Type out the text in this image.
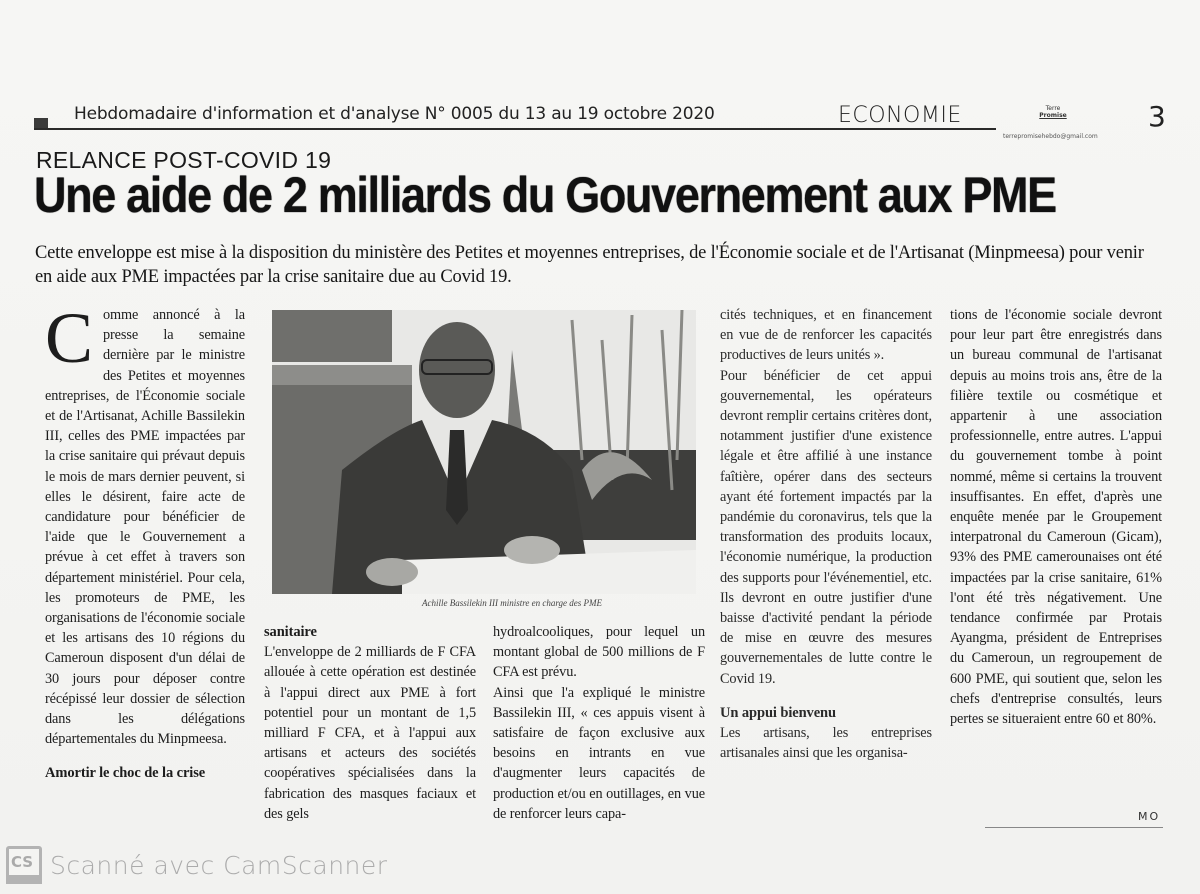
Hebdomadaire d'information et d'analyse N° 0005 du 13 au 19 octobre 2020	ECONOMIE	Terre
Promise
terrepromisehebdo@gmail.com
3
RELANCE POST-COVID 19
Une aide de 2 milliards du Gouvernement aux PME
Cette enveloppe est mise à la disposition du ministère des Petites et moyennes entreprises, de l'Économie sociale et de l'Artisanat (Minpmeesa) pour venir en aide aux PME impactées par la crise sanitaire due au Covid 19.

Comme annoncé à la presse la semaine dernière par le ministre des Petites et moyennes entreprises, de l'Économie sociale et de l'Artisanat, Achille Bassilekin III, celles des PME impactées par la crise sanitaire qui prévaut depuis le mois de mars dernier peuvent, si elles le désirent, faire acte de candidature pour bénéficier de l'aide que le Gouvernement a prévue à cet effet à travers son département ministériel. Pour cela, les promoteurs de PME, les organisations de l'économie sociale et les artisans des 10 régions du Cameroun disposent d'un délai de 30 jours pour déposer contre récépissé leur dossier de sélection dans les délégations départementales du Minpmeesa.

Amortir le choc de la crise

Achille Bassilekin III ministre en charge des PME

sanitaire

L'enveloppe de 2 milliards de F CFA allouée à cette opération est destinée à l'appui direct aux PME à fort potentiel pour un montant de 1,5 milliard F CFA, et à l'appui aux artisans et acteurs des sociétés coopératives spécialisées dans la fabrication des masques faciaux et des gels

hydroalcooliques, pour lequel un montant global de 500 millions de F CFA est prévu.

Ainsi que l'a expliqué le ministre Bassilekin III, « ces appuis visent à satisfaire de façon exclusive aux besoins en intrants en vue d'augmenter leurs capacités de production et/ou en outillages, en vue de renforcer leurs capa-

cités techniques, et en financement en vue de de renforcer les capacités productives de leurs unités ».

Pour bénéficier de cet appui gouvernemental, les opérateurs devront remplir certains critères dont, notamment justifier d'une existence légale et être affilié à une instance faîtière, opérer dans des secteurs ayant été fortement impactés par la pandémie du coronavirus, tels que la transformation des produits locaux, l'économie numérique, la production des supports pour l'événementiel, etc. Ils devront en outre justifier d'une baisse d'activité pendant la période de mise en œuvre des mesures gouvernementales de lutte contre le Covid 19.

Un appui bienvenu

Les artisans, les entreprises artisanales ainsi que les organisa-

tions de l'économie sociale devront pour leur part être enregistrés dans un bureau communal de l'artisanat depuis au moins trois ans, être de la filière textile ou cosmétique et appartenir à une association professionnelle, entre autres. L'appui du gouvernement tombe à point nommé, même si certains la trouvent insuffisantes. En effet, d'après une enquête menée par le Groupement interpatronal du Cameroun (Gicam), 93% des PME camerounaises ont été impactées par la crise sanitaire, 61% l'ont été très négativement. Une tendance confirmée par Protais Ayangma, président de Entreprises du Cameroun, un regroupement de 600 PME, qui soutient que, selon les chefs d'entreprise consultés, leurs pertes se situeraient entre 60 et 80%.

MO
CS Scanné avec CamScanner
